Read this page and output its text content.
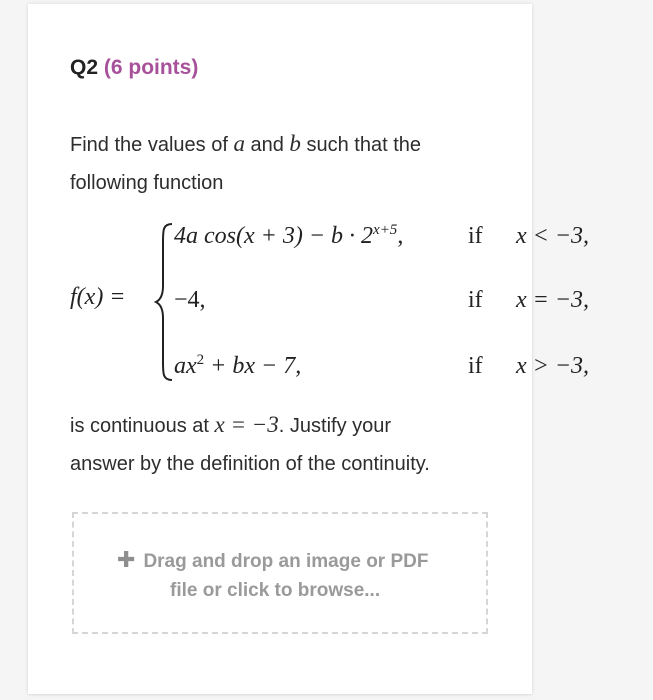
Q2 (6 points)
Find the values of a and b such that the
following function
f(x) =
4a $\cos(x + 3) - b \cdot 2^{x+5}$,	if x < −3,
−4,	if x = −3,
$ax^2$ + bx − 7,	if x > −3,
is continuous at x = −3. Justify your
answer by the definition of the continuity.
✚ Drag and drop an image or PDF
file or click to browse...
